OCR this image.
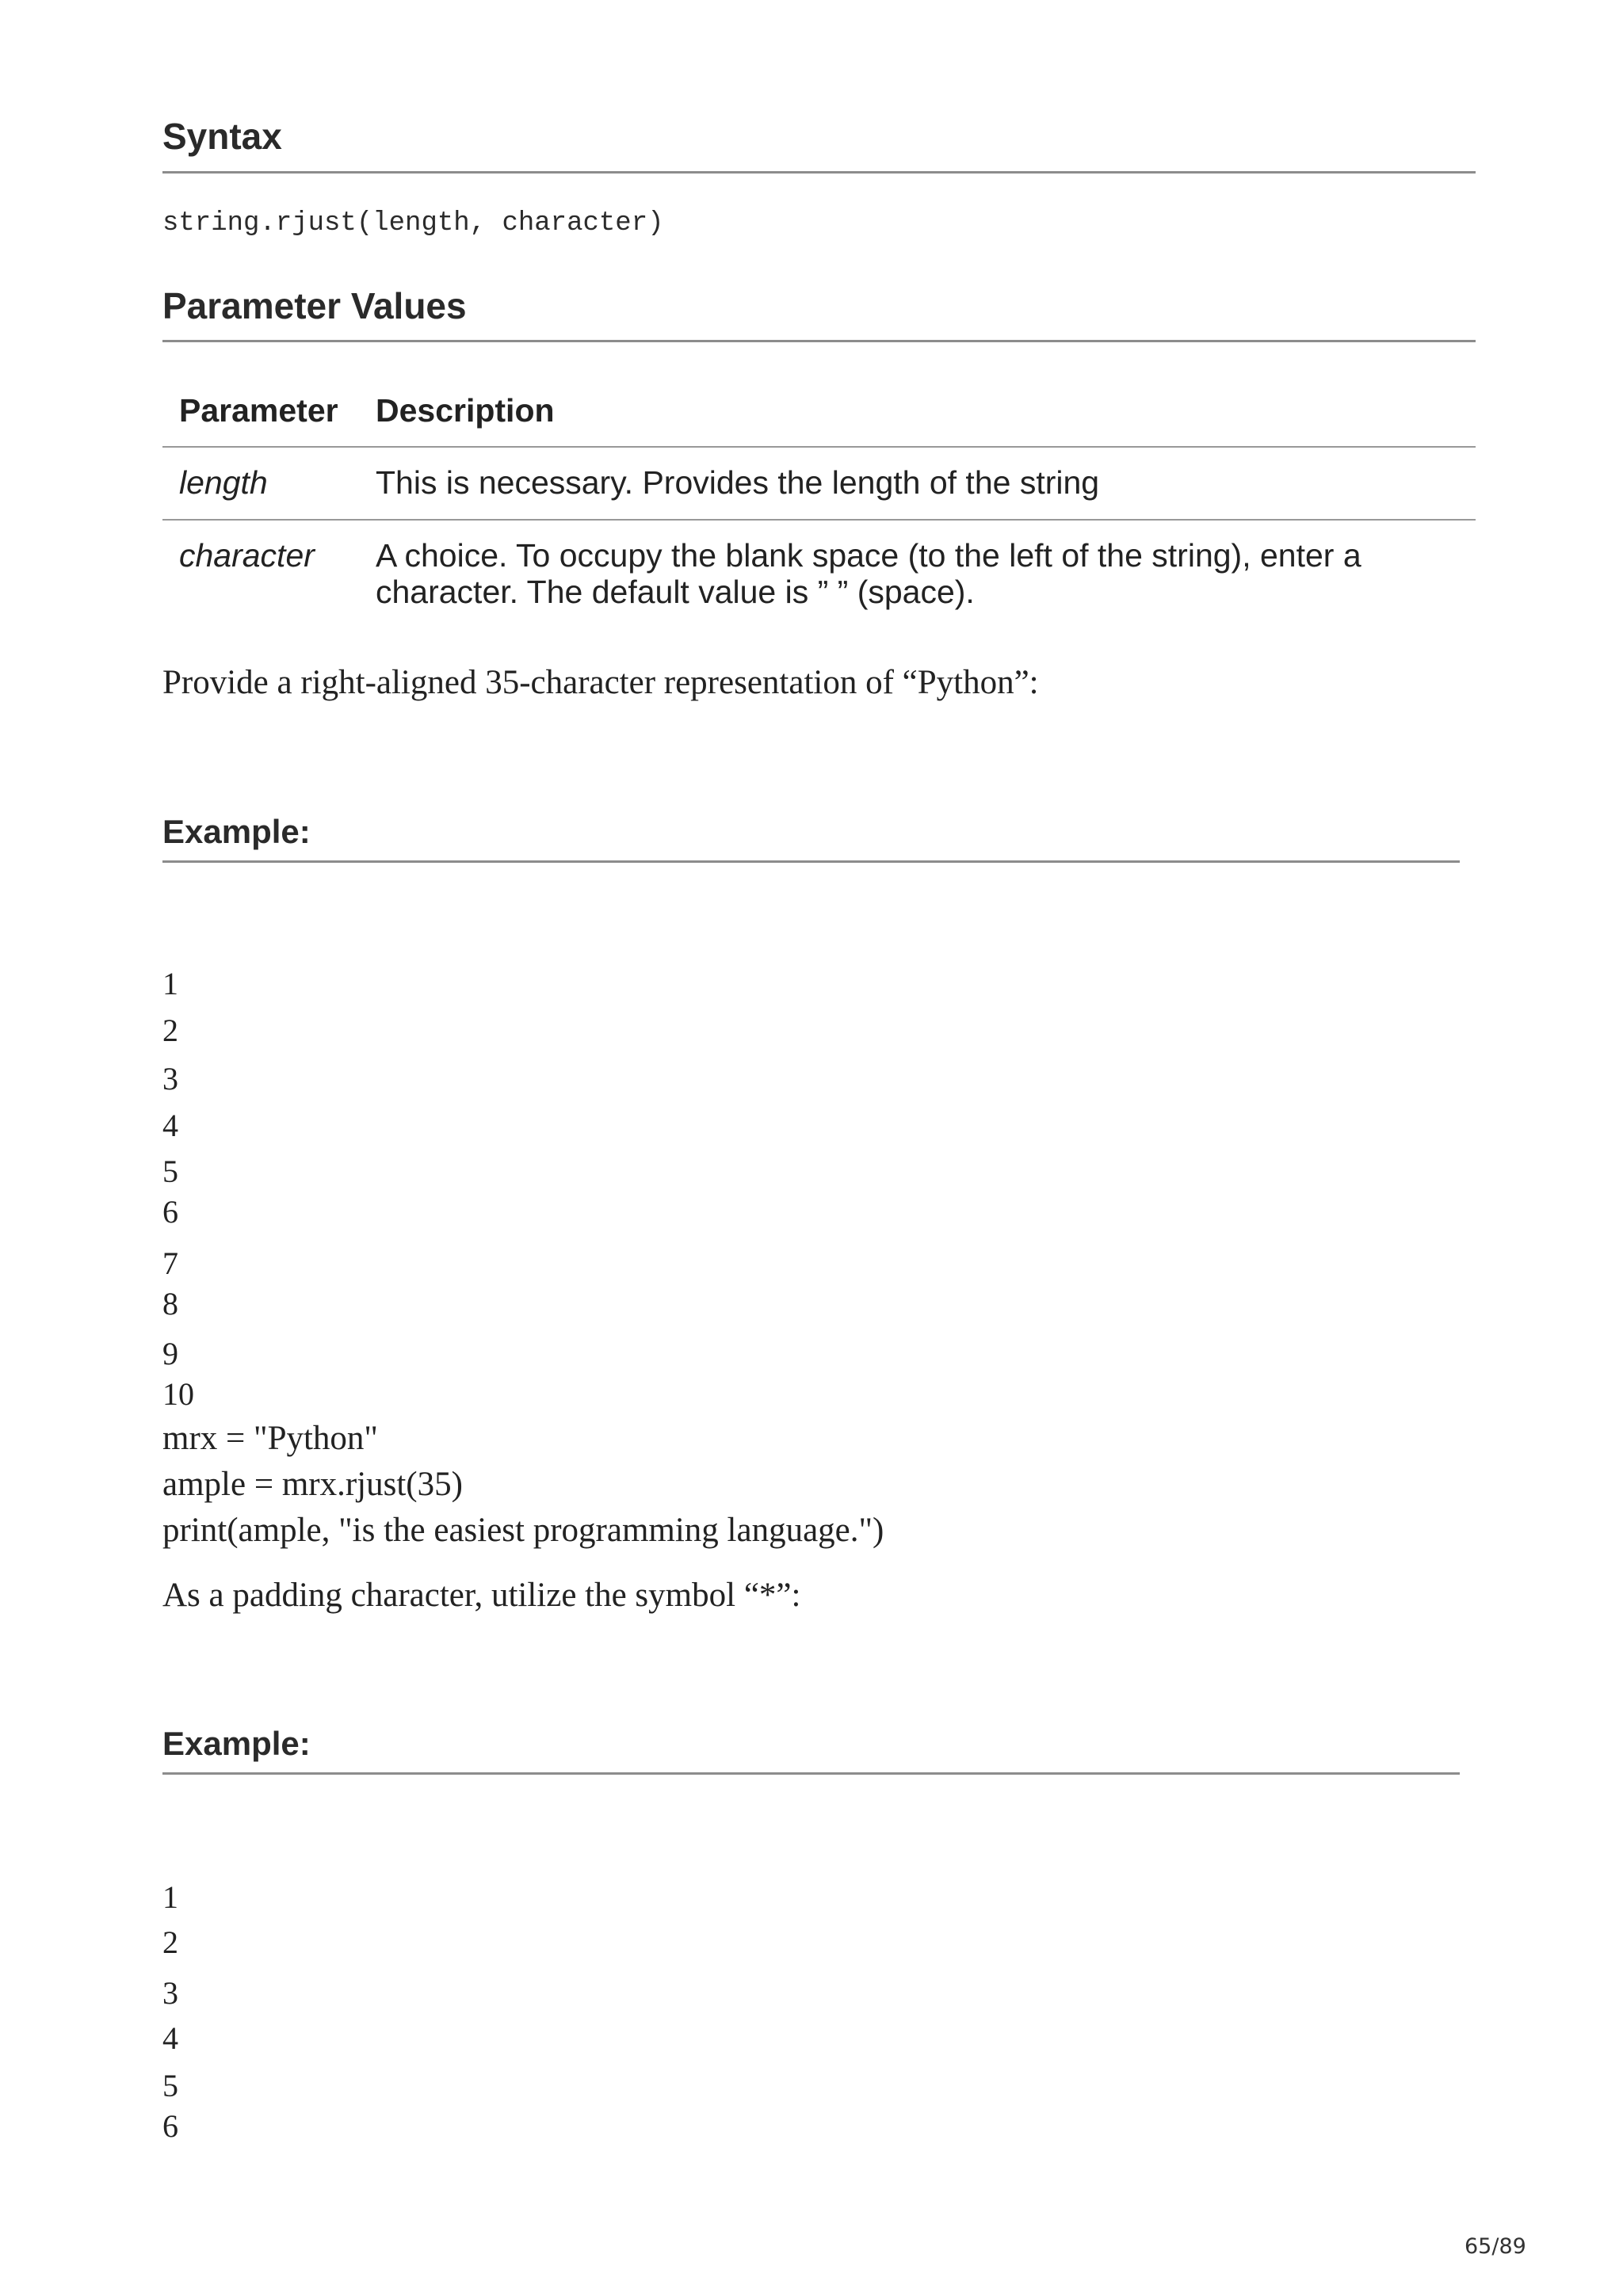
Syntax
string.rjust(length, character)
Parameter Values
Parameter Description
length	This is necessary. Provides the length of the string
character A choice. To occupy the blank space (to the left of the string), enter a
character. The default value is ” ” (space).

Provide a right-aligned 35-character representation of “Python”:

Example:
1
2
3
4
5
6
7
8
9
10
mrx = "Python"
ample = mrx.rjust(35)
print(ample, "is the easiest programming language.")

As a padding character, utilize the symbol “*”:

Example:
1
2
3
4
5
6
65/89
